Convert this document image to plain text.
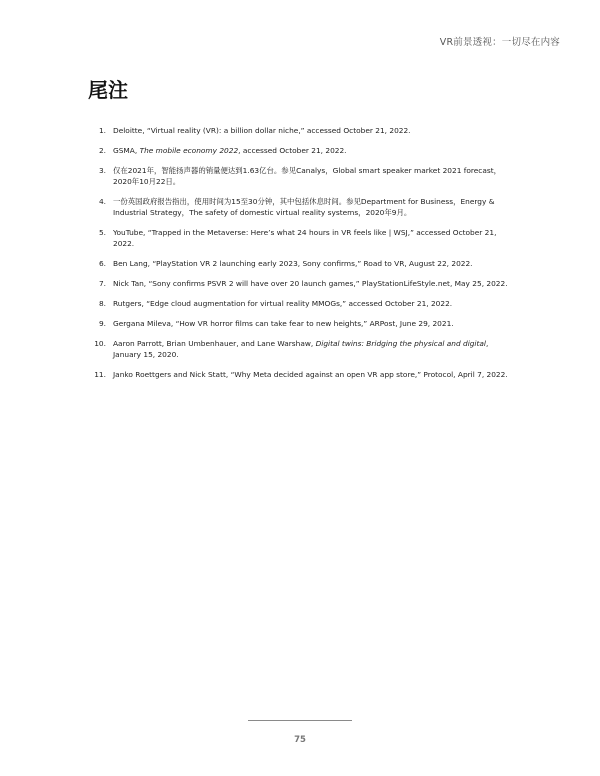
VR前景透视：一切尽在内容
尾注
1. Deloitte, “Virtual reality (VR): a billion dollar niche,” accessed October 21, 2022.
2. GSMA, The mobile economy 2022, accessed October 21, 2022.
3. 仅在2021年，智能扬声器的销量便达到1.63亿台。参见Canalys，Global smart speaker market 2021 forecast，2020年10月22日。
4. 一份英国政府报告指出，使用时间为15至30分钟，其中包括休息时间。参见Department for Business，Energy & Industrial Strategy，The safety of domestic virtual reality systems，2020年9月。
5. YouTube, “Trapped in the Metaverse: Here’s what 24 hours in VR feels like | WSJ,” accessed October 21, 2022.
6. Ben Lang, “PlayStation VR 2 launching early 2023, Sony confirms,” Road to VR, August 22, 2022.
7. Nick Tan, “Sony confirms PSVR 2 will have over 20 launch games,” PlayStationLifeStyle.net, May 25, 2022.
8. Rutgers, “Edge cloud augmentation for virtual reality MMOGs,” accessed October 21, 2022.
9. Gergana Mileva, “How VR horror films can take fear to new heights,” ARPost, June 29, 2021.
10. Aaron Parrott, Brian Umbenhauer, and Lane Warshaw, Digital twins: Bridging the physical and digital, January 15, 2020.
11. Janko Roettgers and Nick Statt, “Why Meta decided against an open VR app store,” Protocol, April 7, 2022.
75
